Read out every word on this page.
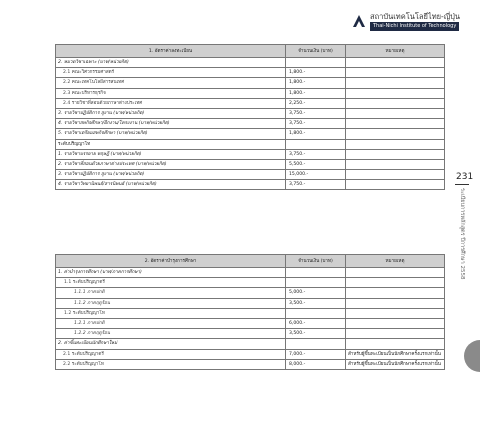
สถาบันเทคโนโลยีไทย-ญี่ปุ่น
Thai-Nichi Institute of Technology
1. อัตราค่าลงทะเบียน	จำนวนเงิน (บาท)	หมายเหตุ
2. หมวดวิชาเฉพาะ (บาท/หน่วยกิต)		
2.1 คณะวิศวกรรมศาสตร์	1,800.-	
2.2 คณะเทคโนโลยีสารสนเทศ	1,800.-	
2.3 คณะบริหารธุรกิจ	1,800.-	
2.4 รายวิชาที่สอนด้วยภาษาต่างประเทศ	2,250.-	
3. รายวิชาปฏิบัติการ สูงาน (บาท/หน่วยกิต)	3,750.-	
4. รายวิชาสหกิจศึกษา/ฝึกงาน/โครงงาน (บาท/หน่วยกิต)	3,750.-	
5. รายวิชาเตรียมสหกิจศึกษา (บาท/หน่วยกิต)	1,800.-	
ระดับปริญญาโท		
1. รายวิชาบรรยาย ทฤษฎี (บาท/หน่วยกิต)	3,750.-	
2. รายวิชาที่สอนด้วยภาษาต่างประเทศ (บาท/หน่วยกิต)	5,500.-	
3. รายวิชาปฏิบัติการ สูงาน (บาท/หน่วยกิต)	15,000.-	
4. รายวิชาวิทยานิพนธ์/สารนิพนธ์ (บาท/หน่วยกิต)	3,750.-	
2. อัตราค่าบำรุงการศึกษา	จำนวนเงิน (บาท)	หมายเหตุ
1. ค่าบำรุงการศึกษา (บาท/ภาคการศึกษา)		
1.1 ระดับปริญญาตรี		
1.1.1 ภาคปกติ	5,000.-	
1.1.2 ภาคฤดูร้อน	3,500.-	
1.2 ระดับปริญญาโท		
1.2.1 ภาคปกติ	6,000.-	
1.2.2 ภาคฤดูร้อน	3,500.-	
2. ค่าขึ้นทะเบียนนักศึกษาใหม่		
2.1 ระดับปริญญาตรี	7,000.-	สำหรับผู้ขึ้นทะเบียนเป็นนักศึกษาครั้งแรกเท่านั้น
2.2 ระดับปริญญาโท	8,000.-	สำหรับผู้ขึ้นทะเบียนเป็นนักศึกษาครั้งแรกเท่านั้น
231
ระเบียบการหลักสูตร ปีการศึกษา 2558
